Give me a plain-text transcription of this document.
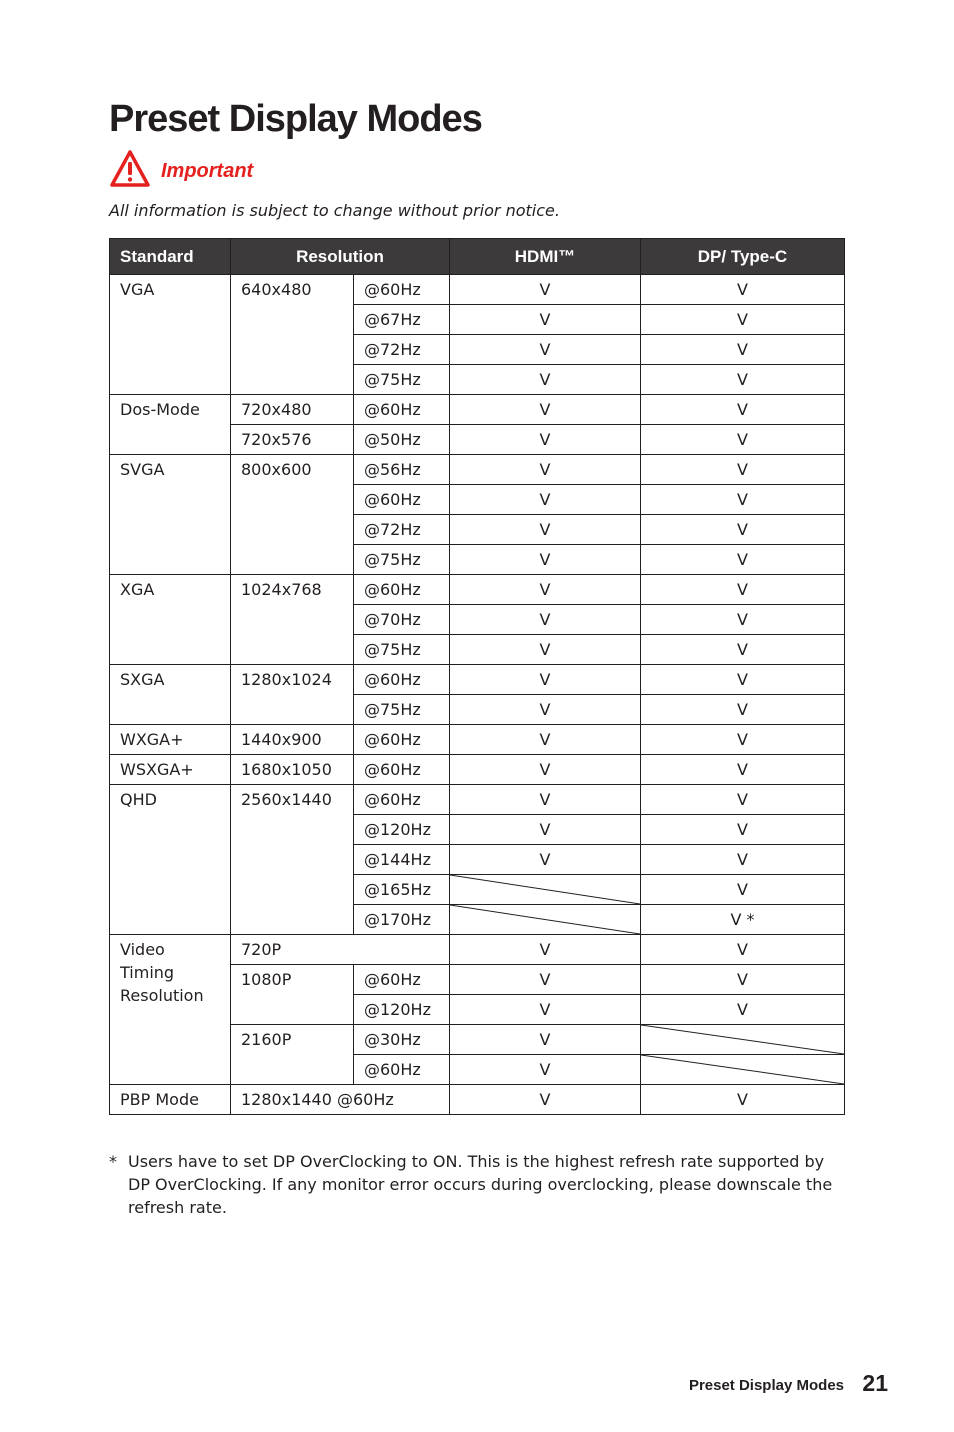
Preset Display Modes
Important
All information is subject to change without prior notice.
Standard	Resolution		HDMI™	DP/ Type-C
VGA	640x480	@60Hz	V	V
		@67Hz	V	V
		@72Hz	V	V
		@75Hz	V	V
Dos-Mode	720x480	@60Hz	V	V
	720x576	@50Hz	V	V
SVGA	800x600	@56Hz	V	V
		@60Hz	V	V
		@72Hz	V	V
		@75Hz	V	V
XGA	1024x768	@60Hz	V	V
		@70Hz	V	V
		@75Hz	V	V
SXGA	1280x1024	@60Hz	V	V
		@75Hz	V	V
WXGA+	1440x900	@60Hz	V	V
WSXGA+	1680x1050	@60Hz	V	V
QHD	2560x1440	@60Hz	V	V
		@120Hz	V	V
		@144Hz	V	V
		@165Hz		V
		@170Hz		V *
Video Timing Resolution	720P		V	V
	1080P	@60Hz	V	V
		@120Hz	V	V
	2160P	@30Hz	V	

		@60Hz	V	

PBP Mode	1280x1440 @60Hz		V	V
* Users have to set DP OverClocking to ON. This is the highest refresh rate supported by DP OverClocking. If any monitor error occurs during overclocking, please downscale the refresh rate.
Preset Display Modes 21
